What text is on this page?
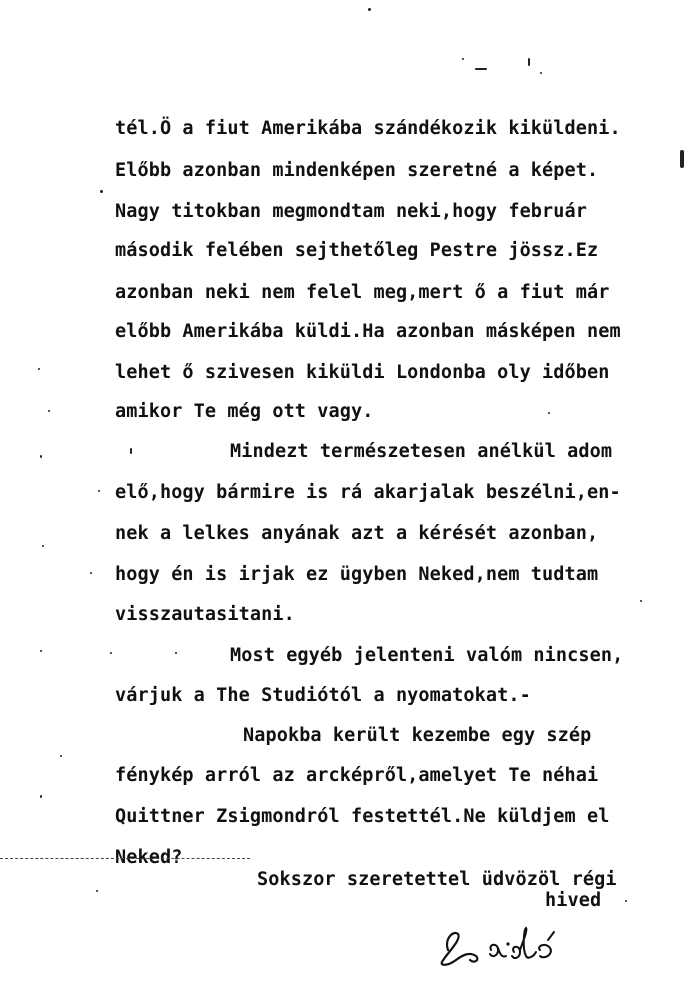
tél.Ö a fiut Amerikába szándékozik kiküldeni.
Előbb azonban mindenképen szeretné a képet.
Nagy titokban megmondtam neki,hogy február
második felében sejthetőleg Pestre jössz.Ez
azonban neki nem felel meg,mert ő a fiut már
előbb Amerikába küldi.Ha azonban másképen nem
lehet ő szivesen kiküldi Londonba oly időben
amikor Te még ott vagy.
Mindezt természetesen anélkül adom
elő,hogy bármire is rá akarjalak beszélni,en-
nek a lelkes anyának azt a kérését azonban,
hogy én is irjak ez ügyben Neked,nem tudtam
visszautasitani.
Most egyéb jelenteni valóm nincsen,
várjuk a The Studiótól a nyomatokat.-
Napokba került kezembe egy szép
fénykép arról az arcképről,amelyet Te néhai
Quittner Zsigmondról festettél.Ne küldjem el
Neked?
Sokszor szeretettel üdvözöl régi
hived
